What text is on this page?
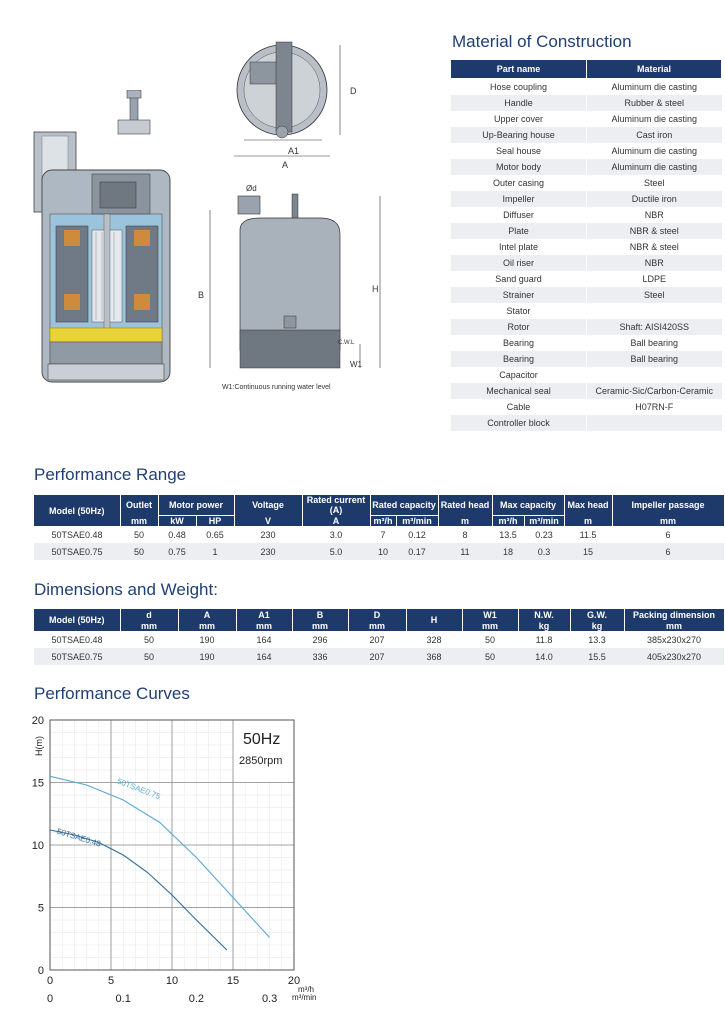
D
A1
A
Ød
B
H
C.W.L
W1
W1:Continuous running water level
Material of Construction
Part name	Material
Hose coupling	Aluminum die casting
Handle	Rubber & steel
Upper cover	Aluminum die casting
Up-Bearing house	Cast iron
Seal house	Aluminum die casting
Motor body	Aluminum die casting
Outer casing	Steel
Impeller	Ductile iron
Diffuser	NBR
Plate	NBR & steel
Intel plate	NBR & steel
Oil riser	NBR
Sand guard	LDPE
Strainer	Steel
Stator	
Rotor	Shaft: AISI420SS
Bearing	Ball bearing
Bearing	Ball bearing
Capacitor	
Mechanical seal	Ceramic-Sic/Carbon-Ceramic
Cable	H07RN-F
Controller block	
Performance Range
Model (50Hz)	Outlet	Motor power		Voltage	Rated current (A)	Rated capacity		Rated head	Max capacity		Max head	Impeller passage
	mm	kW	HP	V	A	m³/h	m³/min	m	m³/h	m³/min	m	mm
50TSAE0.48	50	0.48	0.65	230	3.0	7	0.12	8	13.5	0.23	11.5	6
50TSAE0.75	50	0.75	1	230	5.0	10	0.17	11	18	0.3	15	6
Dimensions and Weight:
Model (50Hz)	d	A	A1	B	D	H	W1	N.W.	G.W.	Packing dimension
	mm	mm	mm	mm	mm		mm	kg	kg	mm
50TSAE0.48	50	190	164	296	207	328	50	11.8	13.3	385x230x270
50TSAE0.75	50	190	164	336	207	368	50	14.0	15.5	405x230x270
Performance Curves
0
5
10
15
20
0	5	10	15	20
0	0.1	0.2	0.3
H(m)
m³/h
m³/min
50Hz
2850rpm
50TSAE0.75
50TSAE0.48
